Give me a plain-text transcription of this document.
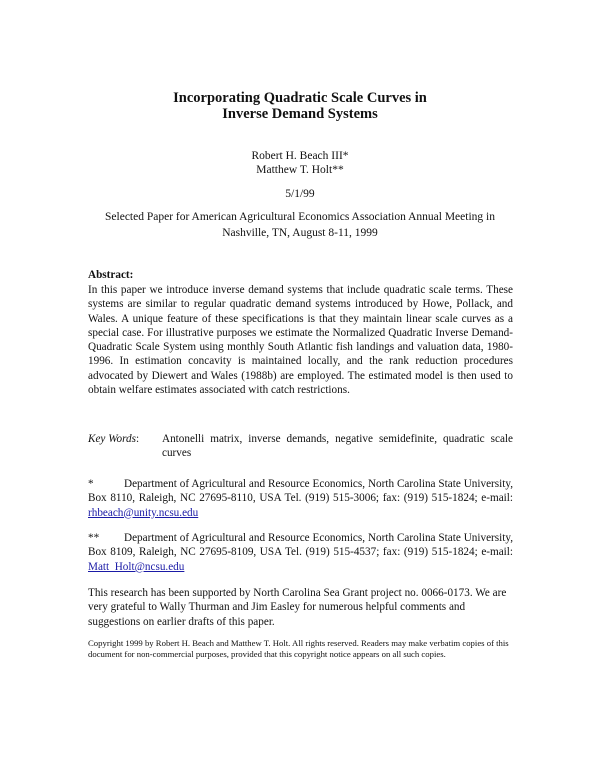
Incorporating Quadratic Scale Curves in
Inverse Demand Systems
Robert H. Beach III*
Matthew T. Holt**
5/1/99
Selected Paper for American Agricultural Economics Association Annual Meeting in
Nashville, TN, August 8-11, 1999
Abstract:
In this paper we introduce inverse demand systems that include quadratic scale terms. These systems are similar to regular quadratic demand systems introduced by Howe, Pollack, and Wales. A unique feature of these specifications is that they maintain linear scale curves as a special case. For illustrative purposes we estimate the Normalized Quadratic Inverse Demand-Quadratic Scale System using monthly South Atlantic fish landings and valuation data, 1980-1996. In estimation concavity is maintained locally, and the rank reduction procedures advocated by Diewert and Wales (1988b) are employed. The estimated model is then used to obtain welfare estimates associated with catch restrictions.
Key Words:	Antonelli matrix, inverse demands, negative semidefinite, quadratic scale curves
*	Department of Agricultural and Resource Economics, North Carolina State University, Box 8110, Raleigh, NC 27695-8110, USA Tel. (919) 515-3006; fax: (919) 515-1824; e-mail: rhbeach@unity.ncsu.edu
** Department of Agricultural and Resource Economics, North Carolina State University, Box 8109, Raleigh, NC 27695-8109, USA Tel. (919) 515-4537; fax: (919) 515-1824; e-mail: Matt_Holt@ncsu.edu
This research has been supported by North Carolina Sea Grant project no. 0066-0173. We are very grateful to Wally Thurman and Jim Easley for numerous helpful comments and suggestions on earlier drafts of this paper.
Copyright 1999 by Robert H. Beach and Matthew T. Holt. All rights reserved. Readers may make verbatim copies of this document for non-commercial purposes, provided that this copyright notice appears on all such copies.
